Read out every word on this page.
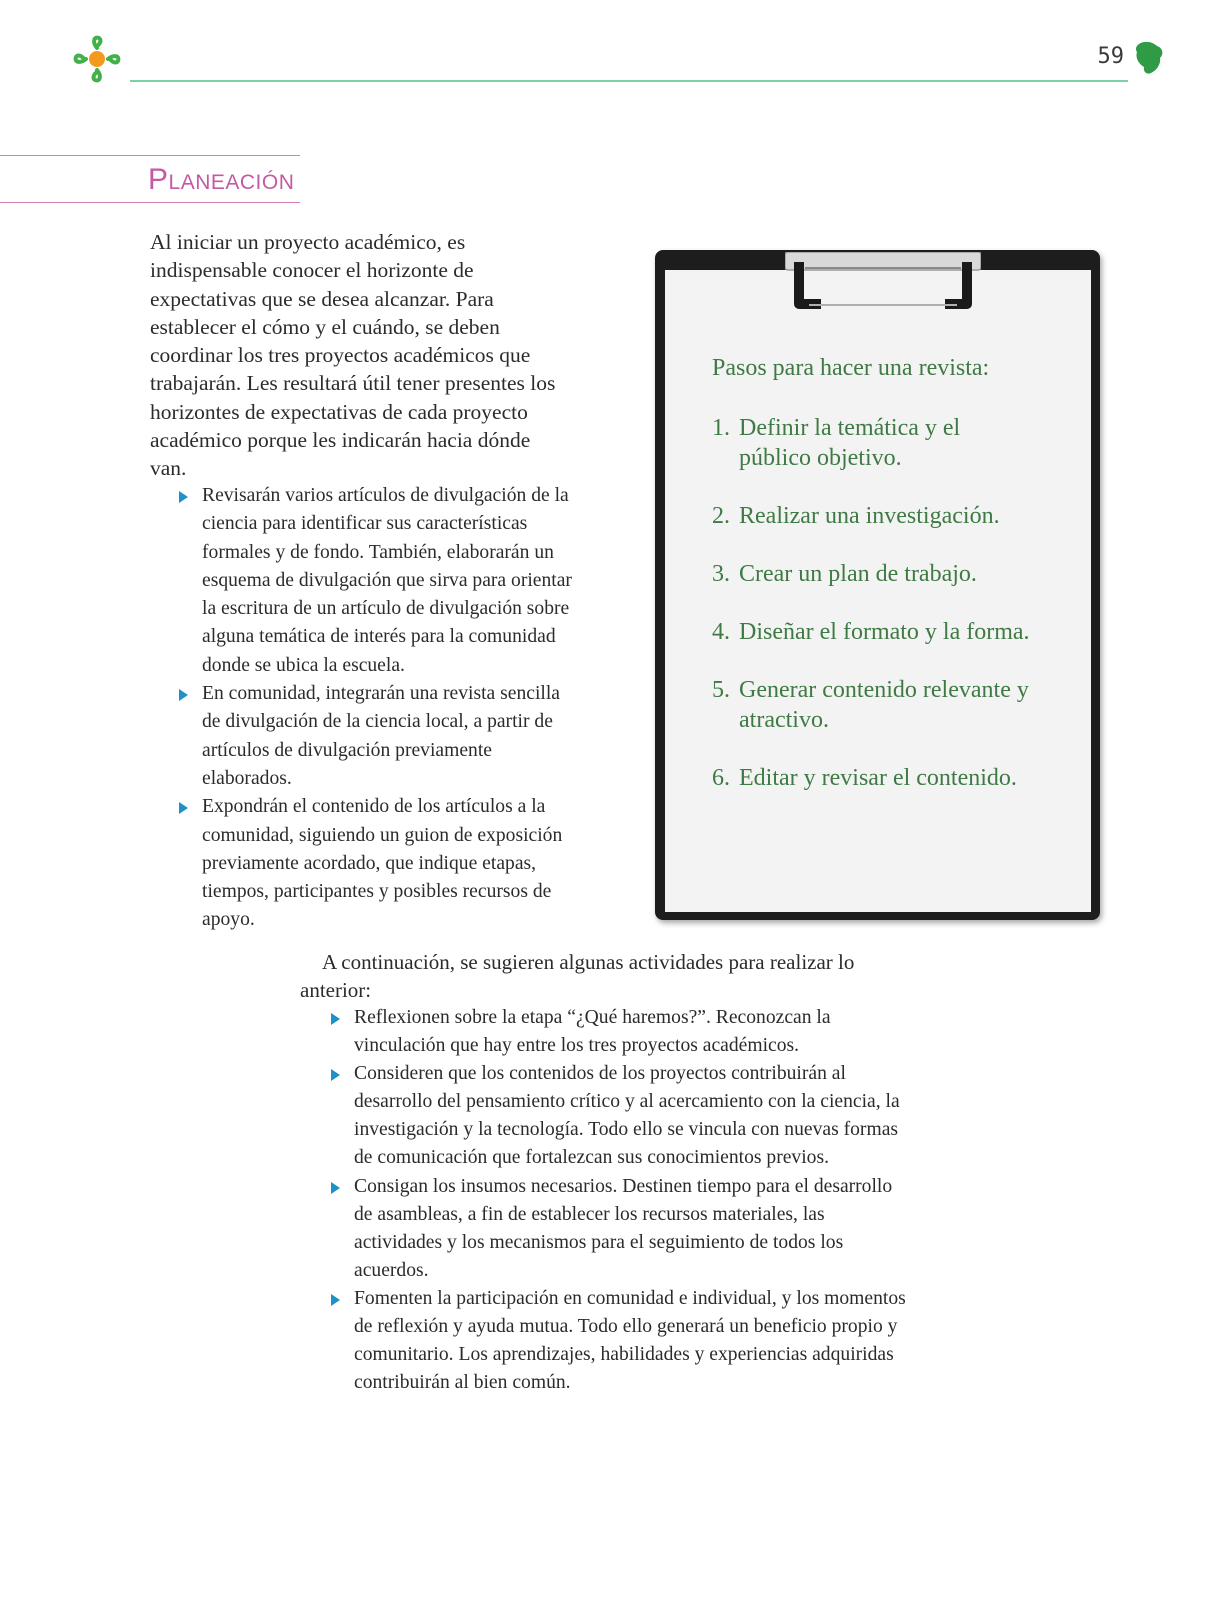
59
Planeación

Al iniciar un proyecto académico, es indispensable conocer el horizonte de expectativas que se desea alcanzar. Para establecer el cómo y el cuándo, se deben coordinar los tres proyectos académicos que trabajarán. Les resultará útil tener presentes los horizontes de expectativas de cada proyecto académico porque les indicarán hacia dónde van.

Revisarán varios artículos de divulgación de la ciencia para identificar sus características formales y de fondo. También, elaborarán un esquema de divulgación que sirva para orientar la escritura de un artículo de divulgación sobre alguna temática de interés para la comunidad donde se ubica la escuela.
En comunidad, integrarán una revista sencilla de divulgación de la ciencia local, a partir de artículos de divulgación previamente elaborados.
Expondrán el contenido de los artículos a la comunidad, siguiendo un guion de exposición previamente acordado, que indique etapas, tiempos, participantes y posibles recursos de apoyo.

Pasos para hacer una revista:

1. Definir la temática y el público objetivo.
2. Realizar una investigación.
3. Crear un plan de trabajo.
4. Diseñar el formato y la forma.
5. Generar contenido relevante y atractivo.
6. Editar y revisar el contenido.

A continuación, se sugieren algunas actividades para realizar lo anterior:

Reflexionen sobre la etapa “¿Qué haremos?”. Reconozcan la vinculación que hay entre los tres proyectos académicos.
Consideren que los contenidos de los proyectos contribuirán al desarrollo del pensamiento crítico y al acercamiento con la ciencia, la investigación y la tecnología. Todo ello se vincula con nuevas formas de comunicación que fortalezcan sus conocimientos previos.
Consigan los insumos necesarios. Destinen tiempo para el desarrollo de asambleas, a fin de establecer los recursos materiales, las actividades y los mecanismos para el seguimiento de todos los acuerdos.
Fomenten la participación en comunidad e individual, y los momentos de reflexión y ayuda mutua. Todo ello generará un beneficio propio y comunitario. Los aprendizajes, habilidades y experiencias adquiridas contribuirán al bien común.
